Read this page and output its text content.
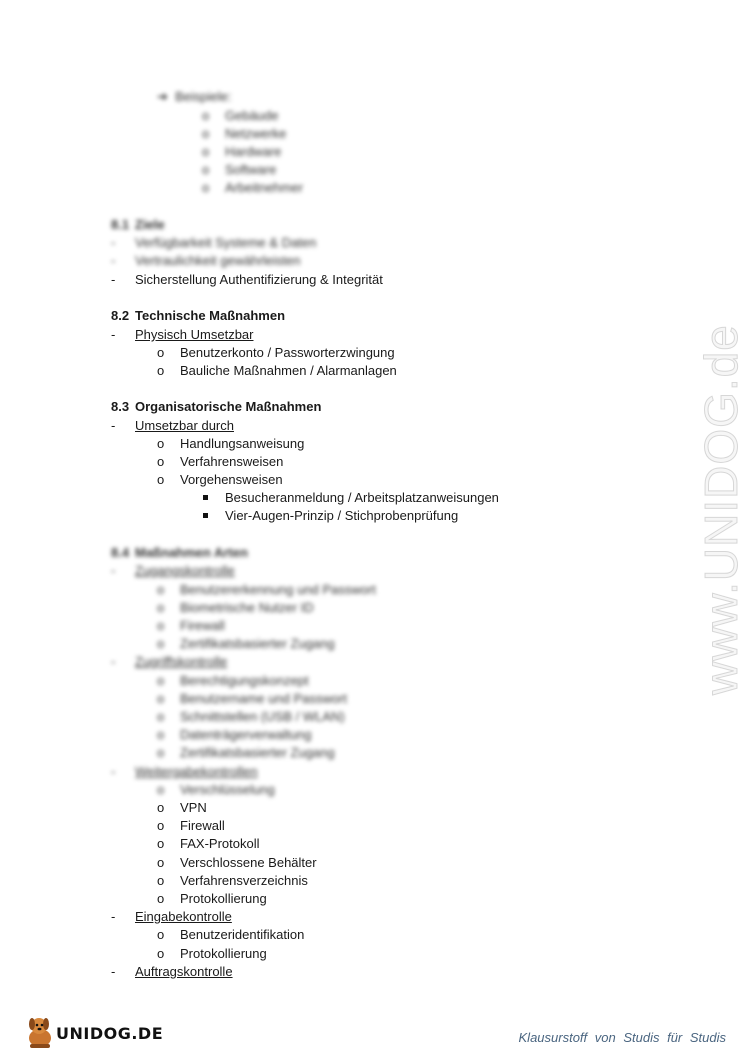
www.UNIDOG.de
➔  Beispiele:
o Gebäude
o Netzwerke
o Hardware
o Software
o Arbeitnehmer
8.1 Ziele
- Verfügbarkeit Systeme & Daten
- Vertraulichkeit gewährleisten
- Sicherstellung Authentifizierung & Integrität
8.2 Technische Maßnahmen
- Physisch Umsetzbar
o Benutzerkonto / Passworterzwingung
o Bauliche Maßnahmen / Alarmanlagen
8.3 Organisatorische Maßnahmen
- Umsetzbar durch
o Handlungsanweisung
o Verfahrensweisen
o Vorgehensweisen
Besucheranmeldung / Arbeitsplatzanweisungen
Vier-Augen-Prinzip / Stichprobenprüfung
8.4 Maßnahmen Arten
- Zugangskontrolle
o Benutzererkennung und Passwort
o Biometrische Nutzer ID
o Firewall
o Zertifikatsbasierter Zugang
- Zugriffskontrolle
o Berechtigungskonzept
o Benutzername und Passwort
o Schnittstellen (USB / WLAN)
o Datenträgerverwaltung
o Zertifikatsbasierter Zugang
- Weitergabekontrollen
o Verschlüsselung
o VPN
o Firewall
o FAX-Protokoll
o Verschlossene Behälter
o Verfahrensverzeichnis
o Protokollierung
- Eingabekontrolle
o Benutzeridentifikation
o Protokollierung
- Auftragskontrolle
UNIDOG.DE	Klausurstoff von Studis für Studis
